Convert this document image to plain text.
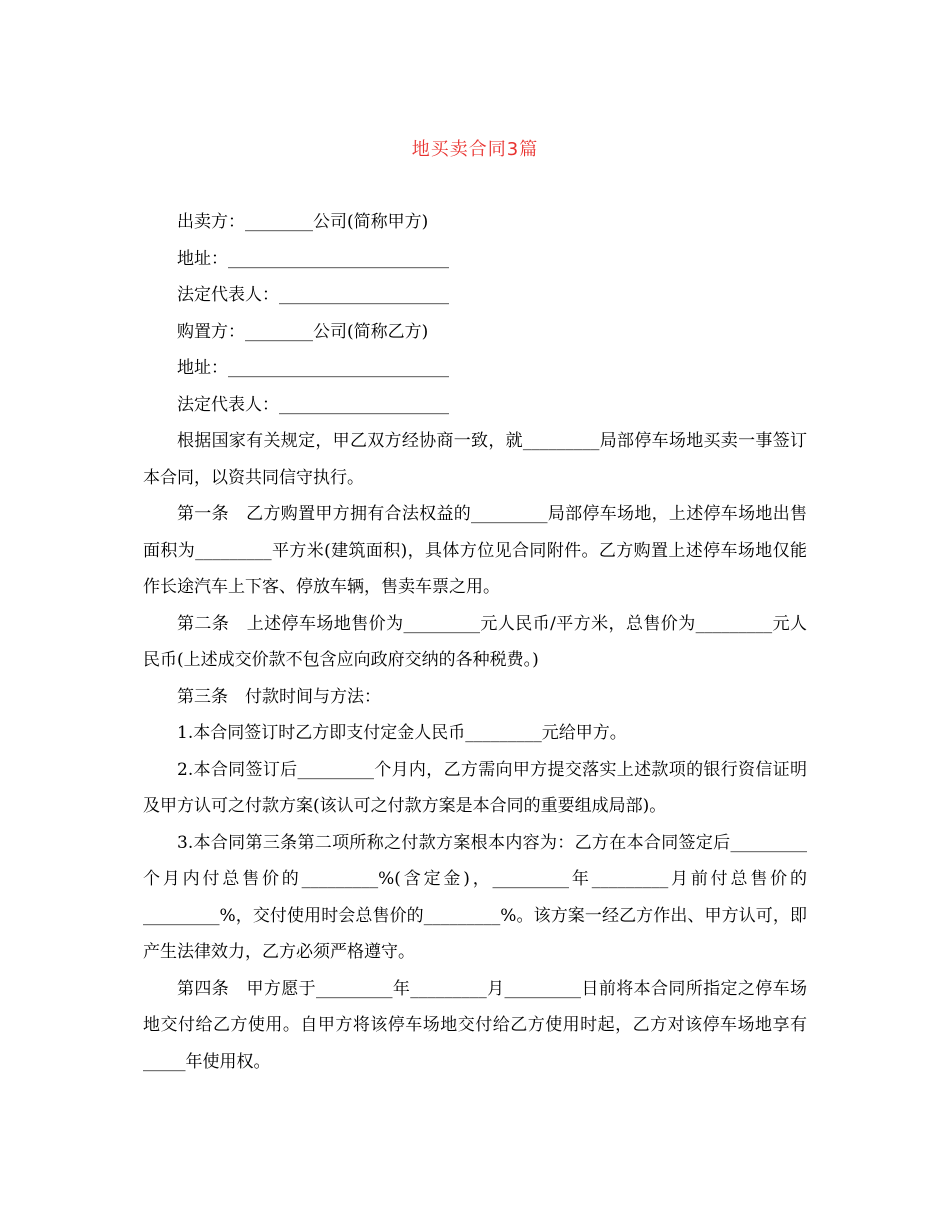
地买卖合同3篇
出卖方：________公司(简称甲方)
地址：__________________________
法定代表人：____________________
购置方：________公司(简称乙方)
地址：__________________________
法定代表人：____________________

根据国家有关规定，甲乙双方经协商一致，就_________局部停车场地买卖一事签订本合同，以资共同信守执行。

第一条　乙方购置甲方拥有合法权益的_________局部停车场地，上述停车场地出售面积为_________平方米(建筑面积)，具体方位见合同附件。乙方购置上述停车场地仅能作长途汽车上下客、停放车辆，售卖车票之用。

第二条　上述停车场地售价为_________元人民币/平方米，总售价为_________元人民币(上述成交价款不包含应向政府交纳的各种税费。)

第三条　付款时间与方法：

1.本合同签订时乙方即支付定金人民币_________元给甲方。

2.本合同签订后_________个月内，乙方需向甲方提交落实上述款项的银行资信证明及甲方认可之付款方案(该认可之付款方案是本合同的重要组成局部)。

3.本合同第三条第二项所称之付款方案根本内容为：乙方在本合同签定后_________个月内付总售价的_________%(含定金)，_________年_________月前付总售价的_________%，交付使用时会总售价的_________%。该方案一经乙方作出、甲方认可，即产生法律效力，乙方必须严格遵守。

第四条　甲方愿于_________年_________月_________日前将本合同所指定之停车场地交付给乙方使用。自甲方将该停车场地交付给乙方使用时起，乙方对该停车场地享有_____年使用权。
